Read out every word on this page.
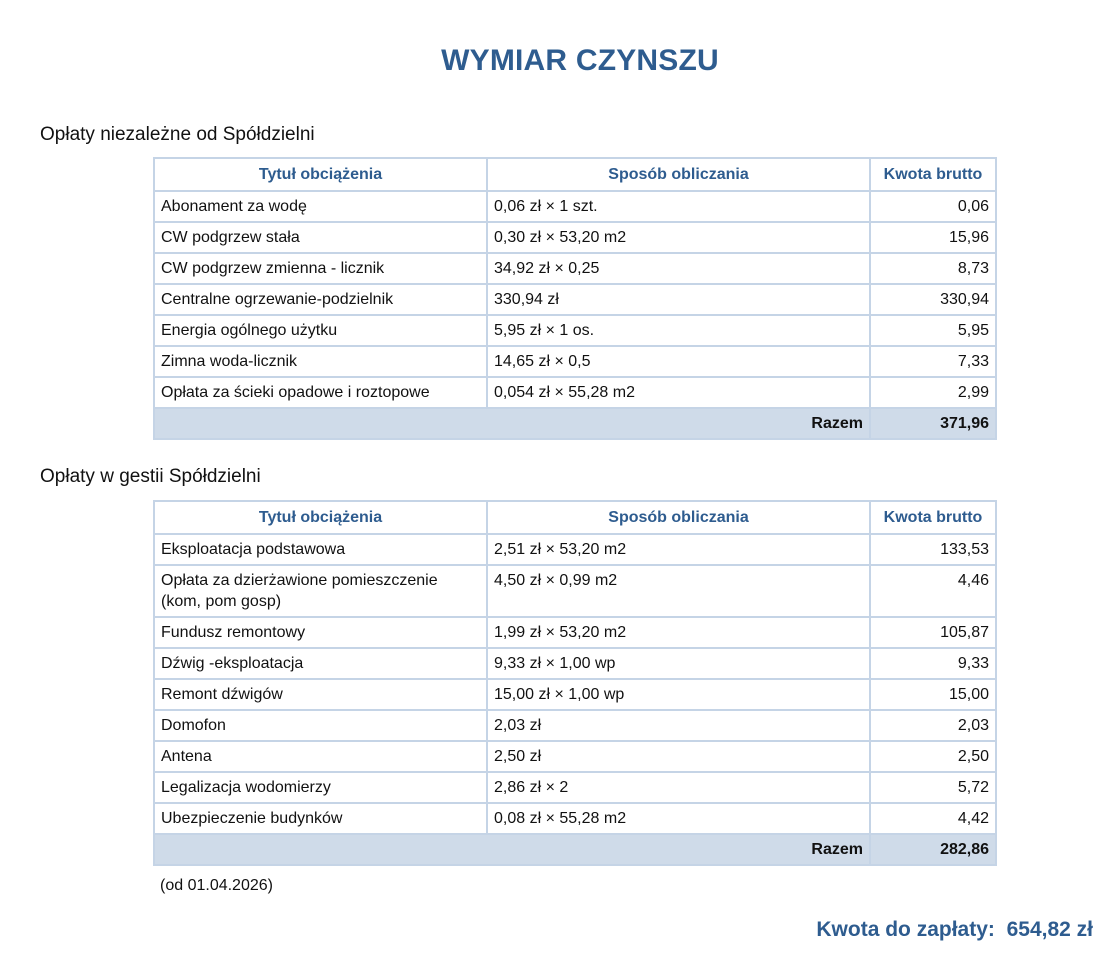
WYMIAR CZYNSZU
Opłaty niezależne od Spółdzielni
Tytuł obciążenia	Sposób obliczania	Kwota brutto
Abonament za wodę	0,06 zł × 1 szt.	0,06
CW podgrzew stała	0,30 zł × 53,20 m2	15,96
CW podgrzew zmienna - licznik	34,92 zł × 0,25	8,73
Centralne ogrzewanie-podzielnik	330,94 zł	330,94
Energia ogólnego użytku	5,95 zł × 1 os.	5,95
Zimna woda-licznik	14,65 zł × 0,5	7,33
Opłata za ścieki opadowe i roztopowe	0,054 zł × 55,28 m2	2,99
Razem		371,96
Opłaty w gestii Spółdzielni
Tytuł obciążenia	Sposób obliczania	Kwota brutto
Eksploatacja podstawowa	2,51 zł × 53,20 m2	133,53
Opłata za dzierżawione pomieszczenie (kom, pom gosp)	4,50 zł × 0,99 m2	4,46
Fundusz remontowy	1,99 zł × 53,20 m2	105,87
Dźwig -eksploatacja	9,33 zł × 1,00 wp	9,33
Remont dźwigów	15,00 zł × 1,00 wp	15,00
Domofon	2,03 zł	2,03
Antena	2,50 zł	2,50
Legalizacja wodomierzy	2,86 zł × 2	5,72
Ubezpieczenie budynków	0,08 zł × 55,28 m2	4,42
Razem		282,86
(od 01.04.2026)
Kwota do zapłaty:  654,82 zł
